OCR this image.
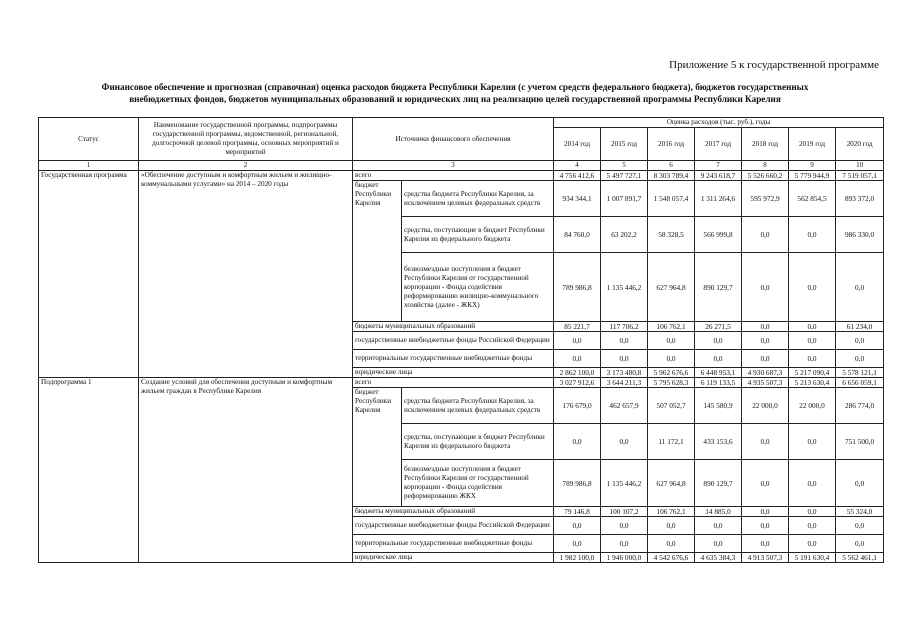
Приложение 5 к государственной программе
Финансовое обеспечение и прогнозная (справочная) оценка расходов бюджета Республики Карелия (с учетом средств федерального бюджета), бюджетов государственных
внебюджетных фондов, бюджетов муниципальных образований и юридических лиц на реализацию целей государственной программы Республики Карелия
Статус	Наименование государственной программы, подпрограммы государственной программы, ведомственной, региональной, долгосрочной целевой программы, основных мероприятий и мероприятий	Источники финансового обеспечения		Оценка расходов (тыс. руб.), годы						
				2014 год	2015 год	2016 год	2017 год	2018 год	2019 год	2020 год
1	2	3		4	5	6	7	8	9	10
Государственная программа	«Обеспечение доступным и комфортным жильем и жилищно-коммунальными услугами» на 2014 – 2020 годы	всего		4 756 412,6	5 497 727,1	8 303 789,4	9 243 618,7	5 526 660,2	5 779 944,9	7 519 057,1
		бюджет Республики Карелия	средства бюджета Республики Карелия, за исключением целевых федеральных средств	934 344,1	1 007 891,7	1 548 057,4	1 311 264,6	595 972,9	562 854,5	893 372,0
			средства, поступающие в бюджет Республики Карелия из федерального бюджета	84 760,0	63 202,2	58 328,5	566 999,8	0,0	0,0	986 330,0
			безвозмездные поступления в бюджет Республики Карелия от государственной корпорации - Фонда содействия реформированию жилищно-коммунального хозяйства (далее - ЖКХ)	789 986,8	1 135 446,2	627 964,8	890 129,7	0,0	0,0	0,0
		бюджеты муниципальных образований		85 221,7	117 706,2	106 762,1	26 271,5	0,0	0,0	61 234,0
		государственные внебюджетные фонды Российской Федерации		0,0	0,0	0,0	0,0	0,0	0,0	0,0
		территориальные государственные внебюджетные фонды		0,0	0,0	0,0	0,0	0,0	0,0	0,0
		юридические лица		2 862 100,0	3 173 480,8	5 962 676,6	6 448 953,1	4 930 687,3	5 217 090,4	5 578 121,1
Подпрограмма 1	Создание условий для обеспечения доступным и комфортным жильем граждан в Республике Карелия	всего		3 027 912,6	3 644 211,3	5 795 628,3	6 119 133,5	4 935 507,3	5 213 630,4	6 656 059,1
		бюджет Республики Карелия	средства бюджета Республики Карелия, за исключением целевых федеральных средств	176 679,0	462 657,9	507 052,7	145 580,9	22 000,0	22 000,0	286 774,0
			средства, поступающие в бюджет Республики Карелия из федерального бюджета	0,0	0,0	11 172,1	433 153,6	0,0	0,0	751 500,0
			безвозмездные поступления в бюджет Республики Карелия от государственной корпорации - Фонда содействия реформированию ЖКХ	789 986,8	1 135 446,2	627 964,8	890 129,7	0,0	0,0	0,0
		бюджеты муниципальных образований		79 146,8	100 107,2	106 762,1	14 885,0	0,0	0,0	55 324,0
		государственные внебюджетные фонды Российской Федерации		0,0	0,0	0,0	0,0	0,0	0,0	0,0
		территориальные государственные внебюджетные фонды		0,0	0,0	0,0	0,0	0,0	0,0	0,0
		юридические лица		1 982 100,0	1 946 000,0	4 542 676,6	4 635 384,3	4 913 507,3	5 191 630,4	5 562 461,1
